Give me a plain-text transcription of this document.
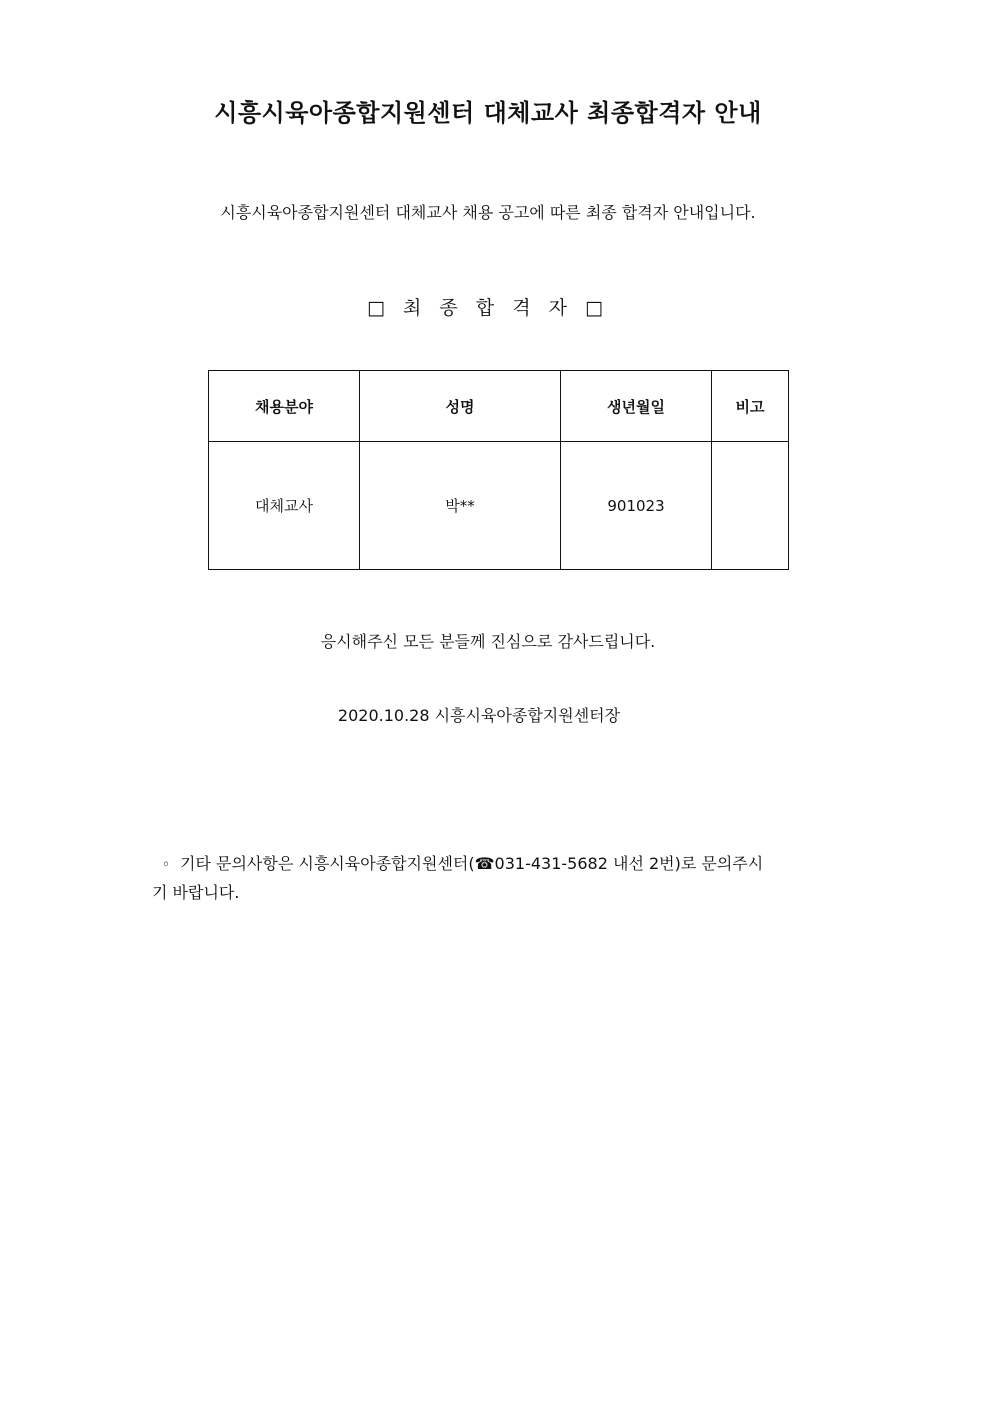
시흥시육아종합지원센터 대체교사 최종합격자 안내
시흥시육아종합지원센터 대체교사 채용 공고에 따른 최종 합격자 안내입니다.
□ 최 종 합 격 자 □
채용분야	성명	생년월일	비고
대체교사	박**	901023	
응시해주신 모든 분들께 진심으로 감사드립니다.
2020.10.28 시흥시육아종합지원센터장
◦ 기타 문의사항은 시흥시육아종합지원센터(☎031-431-5682 내선 2번)로 문의주시
기 바랍니다.
